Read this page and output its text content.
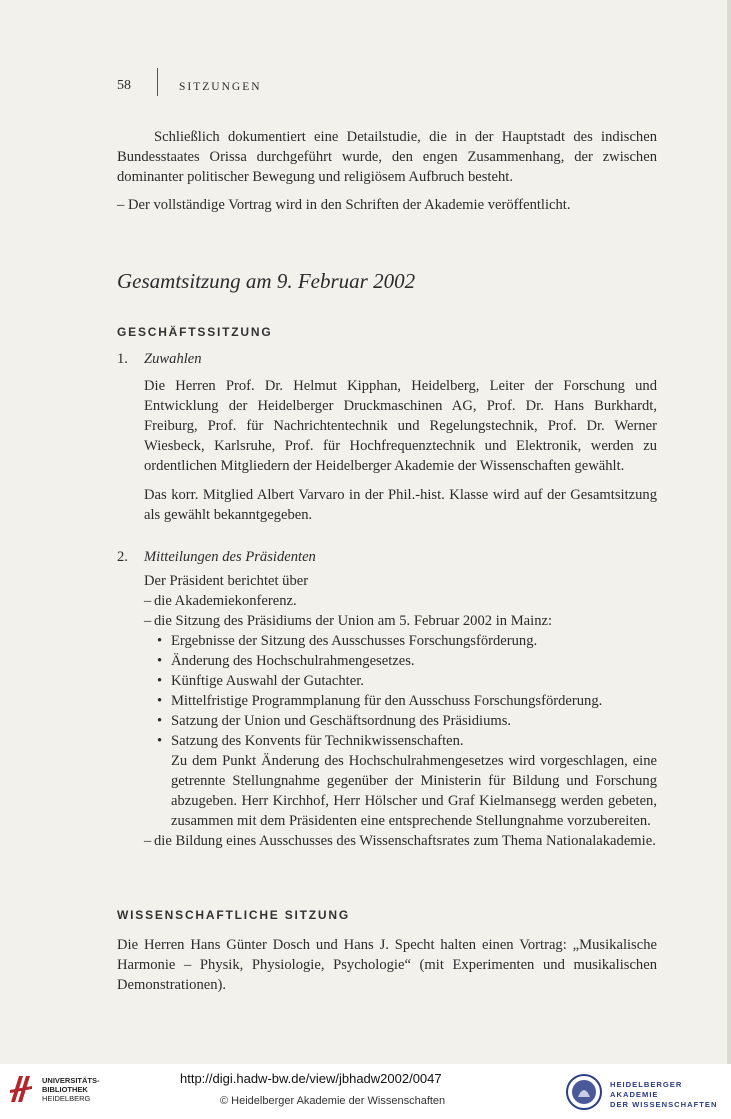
58	SITZUNGEN

Schließlich dokumentiert eine Detailstudie, die in der Hauptstadt des indischen Bundesstaates Orissa durchgeführt wurde, den engen Zusammenhang, der zwischen dominanter politischer Bewegung und religiösem Aufbruch besteht.

– Der vollständige Vortrag wird in den Schriften der Akademie veröffentlicht.

Gesamtsitzung am 9. Februar 2002
GESCHÄFTSSITZUNG
1.	Zuwahlen

Die Herren Prof. Dr. Helmut Kipphan, Heidelberg, Leiter der Forschung und Entwicklung der Heidelberger Druckmaschinen AG, Prof. Dr. Hans Burkhardt, Freiburg, Prof. für Nachrichtentechnik und Regelungstechnik, Prof. Dr. Werner Wiesbeck, Karlsruhe, Prof. für Hochfrequenztechnik und Elektronik, werden zu ordentlichen Mitgliedern der Heidelberger Akademie der Wissenschaften gewählt.

Das korr. Mitglied Albert Varvaro in der Phil.-hist. Klasse wird auf der Gesamtsitzung als gewählt bekanntgegeben.

2.	Mitteilungen des Präsidenten

Der Präsident berichtet über

– die Akademiekonferenz.

– die Sitzung des Präsidiums der Union am 5. Februar 2002 in Mainz:

• Ergebnisse der Sitzung des Ausschusses Forschungsförderung.

• Änderung des Hochschulrahmengesetzes.

• Künftige Auswahl der Gutachter.

• Mittelfristige Programmplanung für den Ausschuss Forschungsförderung.

• Satzung der Union und Geschäftsordnung des Präsidiums.

• Satzung des Konvents für Technikwissenschaften.

Zu dem Punkt Änderung des Hochschulrahmengesetzes wird vorgeschlagen, eine getrennte Stellungnahme gegenüber der Ministerin für Bildung und Forschung abzugeben. Herr Kirchhof, Herr Hölscher und Graf Kielmansegg werden gebeten, zusammen mit dem Präsidenten eine entsprechende Stellungnahme vorzubereiten.

– die Bildung eines Ausschusses des Wissenschaftsrates zum Thema Nationalakademie.

WISSENSCHAFTLICHE SITZUNG

Die Herren Hans Günter Dosch und Hans J. Specht halten einen Vortrag: „Musikalische Harmonie – Physik, Physiologie, Psychologie“ (mit Experimenten und musikalischen Demonstrationen).

UNIVERSITÄTS-
BIBLIOTHEK
HEIDELBERG
http://digi.hadw-bw.de/view/jbhadw2002/0047
© Heidelberger Akademie der Wissenschaften
HEIDELBERGER AKADEMIE
DER WISSENSCHAFTEN
